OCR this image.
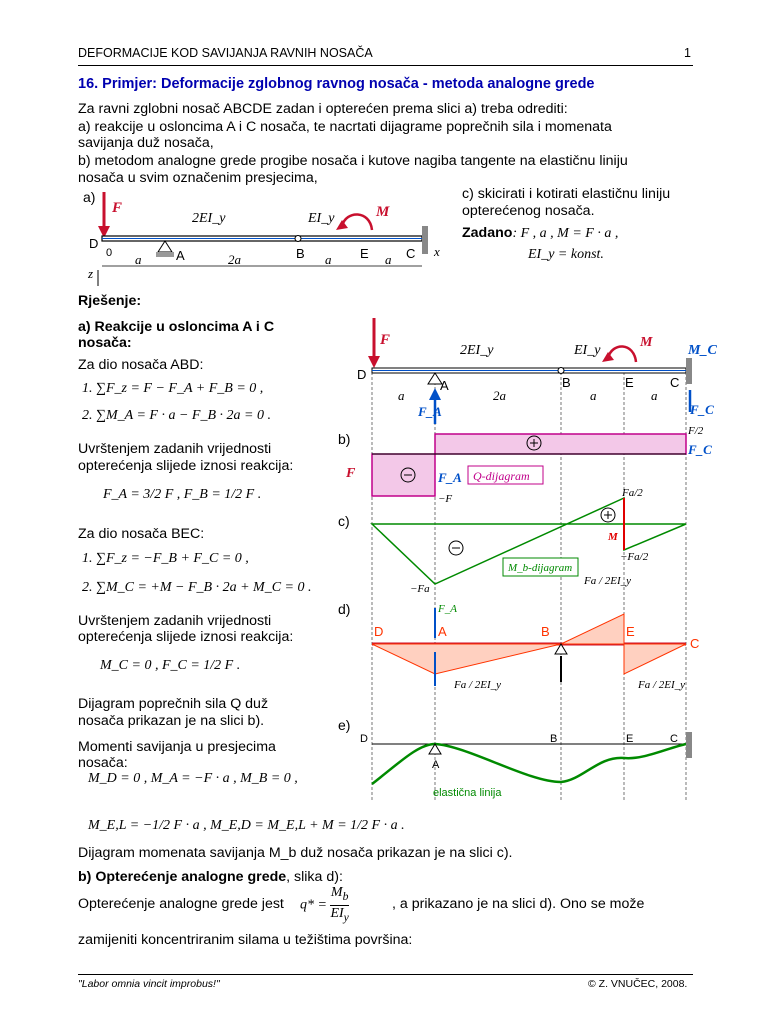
DEFORMACIJE KOD SAVIJANJA RAVNIH NOSAČA	1
16. Primjer: Deformacije zglobnog ravnog nosača - metoda analogne grede
Za ravni zglobni nosač ABCDE zadan i opterećen prema slici a) treba odrediti:
a) reakcije u osloncima A i C nosača, te nacrtati dijagrame poprečnih sila i momenata
savijanja duž nosača,
b) metodom analogne grede progibe nosača i kutove nagiba tangente na elastičnu liniju
nosača u svim označenim presjecima,
c) skicirati i kotirati elastičnu liniju
opterećenog nosača.
Zadano: F , a , M = F · a ,
EI_y = konst.
a)
F	M
2EI_y	EI_y
D
0	A	B	E	C x
z
a	2a	a	a
Rješenje:
a) Reakcije u osloncima A i C
nosača:
Za dio nosača ABD:
1. ∑F_z = F − F_A + F_B = 0 ,
2. ∑M_A = F · a − F_B · 2a = 0 .
Uvrštenjem zadanih vrijednosti
opterećenja slijede iznosi reakcija:
F_A = 3/2 F , F_B = 1/2 F .
Za dio nosača BEC:
1. ∑F_z = −F_B + F_C = 0 ,
2. ∑M_C = +M − F_B · 2a + M_C = 0 .
Uvrštenjem zadanih vrijednosti
opterećenja slijede iznosi reakcija:
M_C = 0 , F_C = 1/2 F .
Dijagram poprečnih sila Q duž
nosača prikazan je na slici b).
Momenti savijanja u presjecima
nosača:
M_D = 0 , M_A = −F · a , M_B = 0 ,
M_E,L = −1/2 F · a , M_E,D = M_E,L + M = 1/2 F · a .
Dijagram momenata savijanja M_b duž nosača prikazan je na slici c).
b) Opterećenje analogne grede, slika d):
Opterećenje analogne grede jest q* =
$M_b$
$EI_y$
, a prikazano je na slici d). Ono se može
zamijeniti koncentriranim silama u težištima površina:
F
2EI_y	EI_y
M
M_C
D
A	B	E	C
a	2a	a	a
F_A	F_C
b)
Q-dijagram
F	F_A
−F
F/2
F_C
c)
M_b-dijagram
−Fa
Fa/2
−Fa/2
M
d)	F_A
Fa / 2EI_y
Fa / 2EI_y	Fa / 2EI_y
D	A	B	E
C
e)
D
A
B	E	C
elastična linija
"Labor omnia vincit improbus!"	© Z. VNUČEC, 2008.
